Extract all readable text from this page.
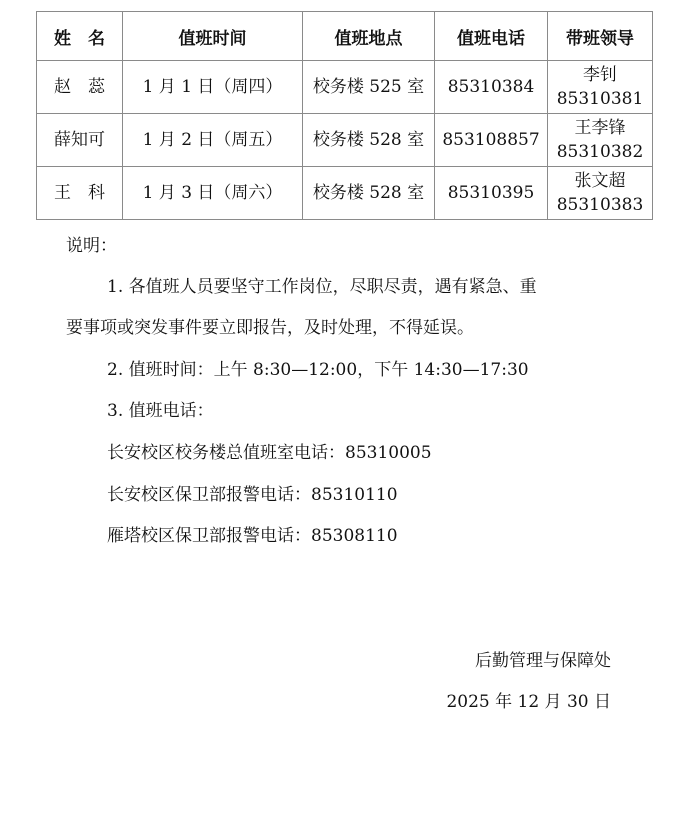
姓　名	值班时间	值班地点	值班电话	带班领导
赵　蕊	1 月 1 日（周四）	校务楼 525 室	85310384	李钊
85310381

薛知可	1 月 2 日（周五）	校务楼 528 室	853108857	王李锋
85310382

王　科	1 月 3 日（周六）	校务楼 528 室	85310395	张文超
85310383
说明：
1. 各值班人员要坚守工作岗位，尽职尽责，遇有紧急、重
要事项或突发事件要立即报告，及时处理，不得延误。
2. 值班时间：上午 8:30—12:00，下午 14:30—17:30
3. 值班电话：
长安校区校务楼总值班室电话：85310005
长安校区保卫部报警电话：85310110
雁塔校区保卫部报警电话：85308110
后勤管理与保障处
2025 年 12 月 30 日
